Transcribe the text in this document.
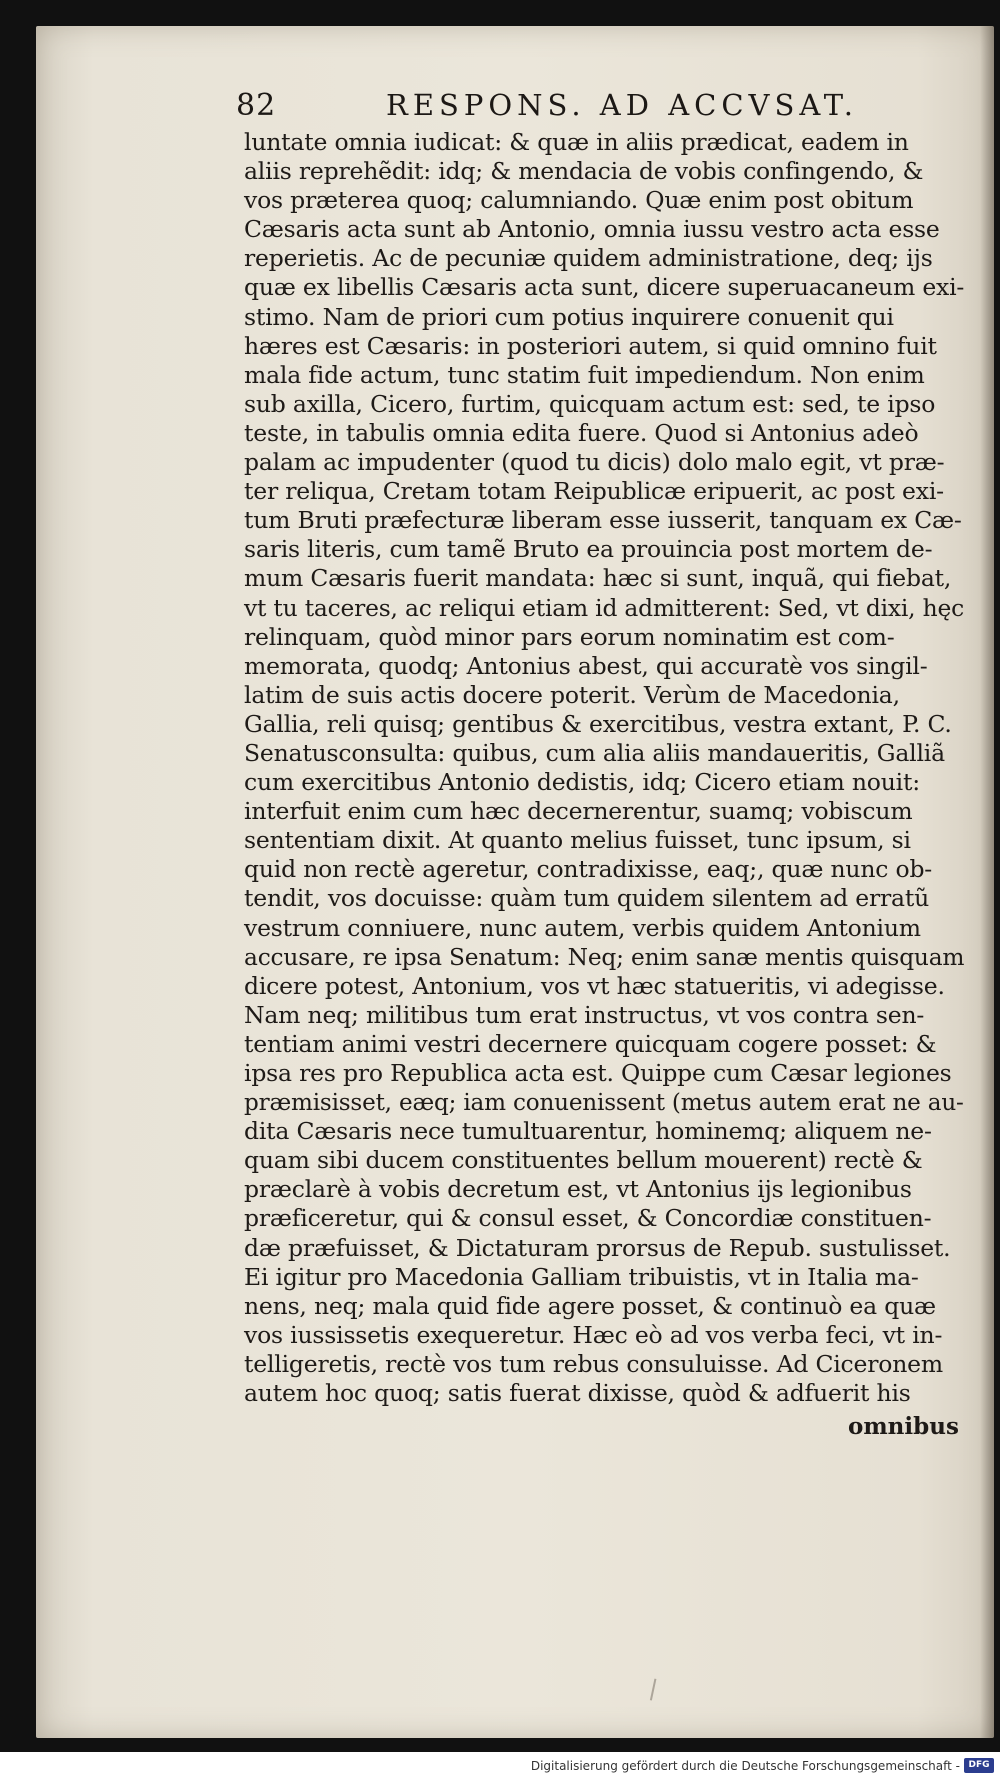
82	RESPONS. AD ACCVSAT.
luntate omnia iudicat: & quæ in aliis prædicat, eadem in
aliis reprehẽdit: idq; & mendacia de vobis confingendo, &
vos præterea quoq; calumniando. Quæ enim post obitum
Cæsaris acta sunt ab Antonio, omnia iussu vestro acta esse
reperietis. Ac de pecuniæ quidem administratione, deq; ijs
quæ ex libellis Cæsaris acta sunt, dicere superuacaneum exi-
stimo. Nam de priori cum potius inquirere conuenit qui
hæres est Cæsaris: in posteriori autem, si quid omnino fuit
mala fide actum, tunc statim fuit impediendum. Non enim
sub axilla, Cicero, furtim, quicquam actum est: sed, te ipso
teste, in tabulis omnia edita fuere. Quod si Antonius adeò
palam ac impudenter (quod tu dicis) dolo malo egit, vt præ-
ter reliqua, Cretam totam Reipublicæ eripuerit, ac post exi-
tum Bruti præfecturæ liberam esse iusserit, tanquam ex Cæ-
saris literis, cum tamẽ Bruto ea prouincia post mortem de-
mum Cæsaris fuerit mandata: hæc si sunt, inquã, qui fiebat,
vt tu taceres, ac reliqui etiam id admitterent: Sed, vt dixi, hęc
relinquam, quòd minor pars eorum nominatim est com-
memorata, quodq; Antonius abest, qui accuratè vos singil-
latim de suis actis docere poterit. Verùm de Macedonia,
Gallia, reli quisq; gentibus & exercitibus, vestra extant, P. C.
Senatusconsulta: quibus, cum alia aliis mandaueritis, Galliã
cum exercitibus Antonio dedistis, idq; Cicero etiam nouit:
interfuit enim cum hæc decernerentur, suamq; vobiscum
sententiam dixit. At quanto melius fuisset, tunc ipsum, si
quid non rectè ageretur, contradixisse, eaq;, quæ nunc ob-
tendit, vos docuisse: quàm tum quidem silentem ad erratũ
vestrum conniuere, nunc autem, verbis quidem Antonium
accusare, re ipsa Senatum: Neq; enim sanæ mentis quisquam
dicere potest, Antonium, vos vt hæc statueritis, vi adegisse.
Nam neq; militibus tum erat instructus, vt vos contra sen-
tentiam animi vestri decernere quicquam cogere posset: &
ipsa res pro Republica acta est. Quippe cum Cæsar legiones
præmisisset, eæq; iam conuenissent (metus autem erat ne au-
dita Cæsaris nece tumultuarentur, hominemq; aliquem ne-
quam sibi ducem constituentes bellum mouerent) rectè &
præclarè à vobis decretum est, vt Antonius ijs legionibus
præficeretur, qui & consul esset, & Concordiæ constituen-
dæ præfuisset, & Dictaturam prorsus de Repub. sustulisset.
Ei igitur pro Macedonia Galliam tribuistis, vt in Italia ma-
nens, neq; mala quid fide agere posset, & continuò ea quæ
vos iussissetis exequeretur. Hæc eò ad vos verba feci, vt in-
telligeretis, rectè vos tum rebus consuluisse. Ad Ciceronem
autem hoc quoq; satis fuerat dixisse, quòd & adfuerit his
omnibus
Digitalisierung gefördert durch die Deutsche Forschungsgemeinschaft - DFG
